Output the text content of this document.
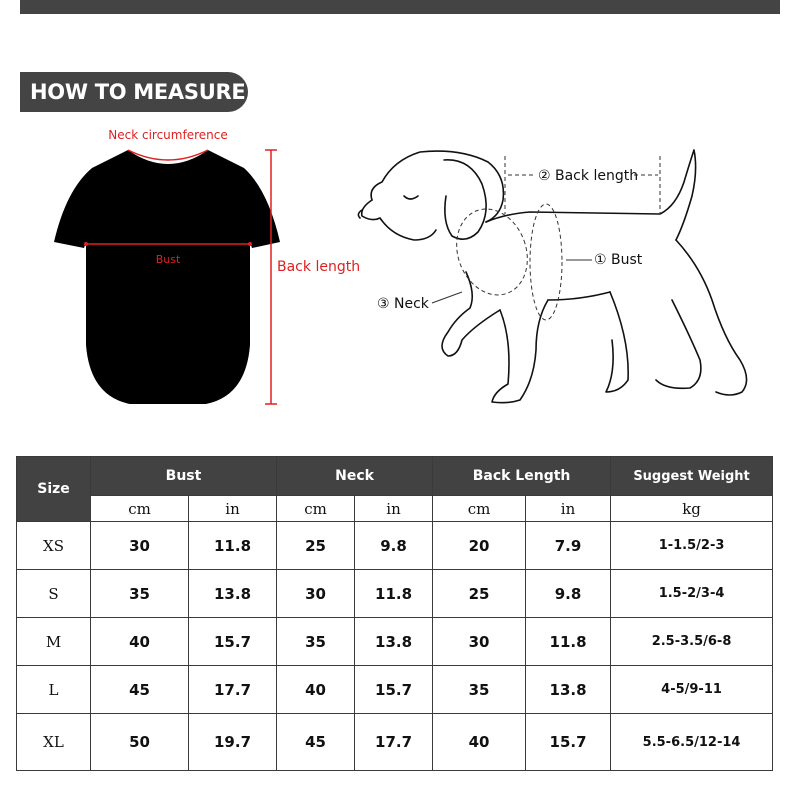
HOW TO MEASURE
Neck circumference
Bust	Back length
② Back length
① Bust
③ Neck
Size	Bust		Neck		Back Length		Suggest Weight
	cm	in	cm	in	cm	in	kg
XS	30	11.8	25	9.8	20	7.9	1-1.5/2-3
S	35	13.8	30	11.8	25	9.8	1.5-2/3-4
M	40	15.7	35	13.8	30	11.8	2.5-3.5/6-8
L	45	17.7	40	15.7	35	13.8	4-5/9-11
XL	50	19.7	45	17.7	40	15.7	5.5-6.5/12-14
